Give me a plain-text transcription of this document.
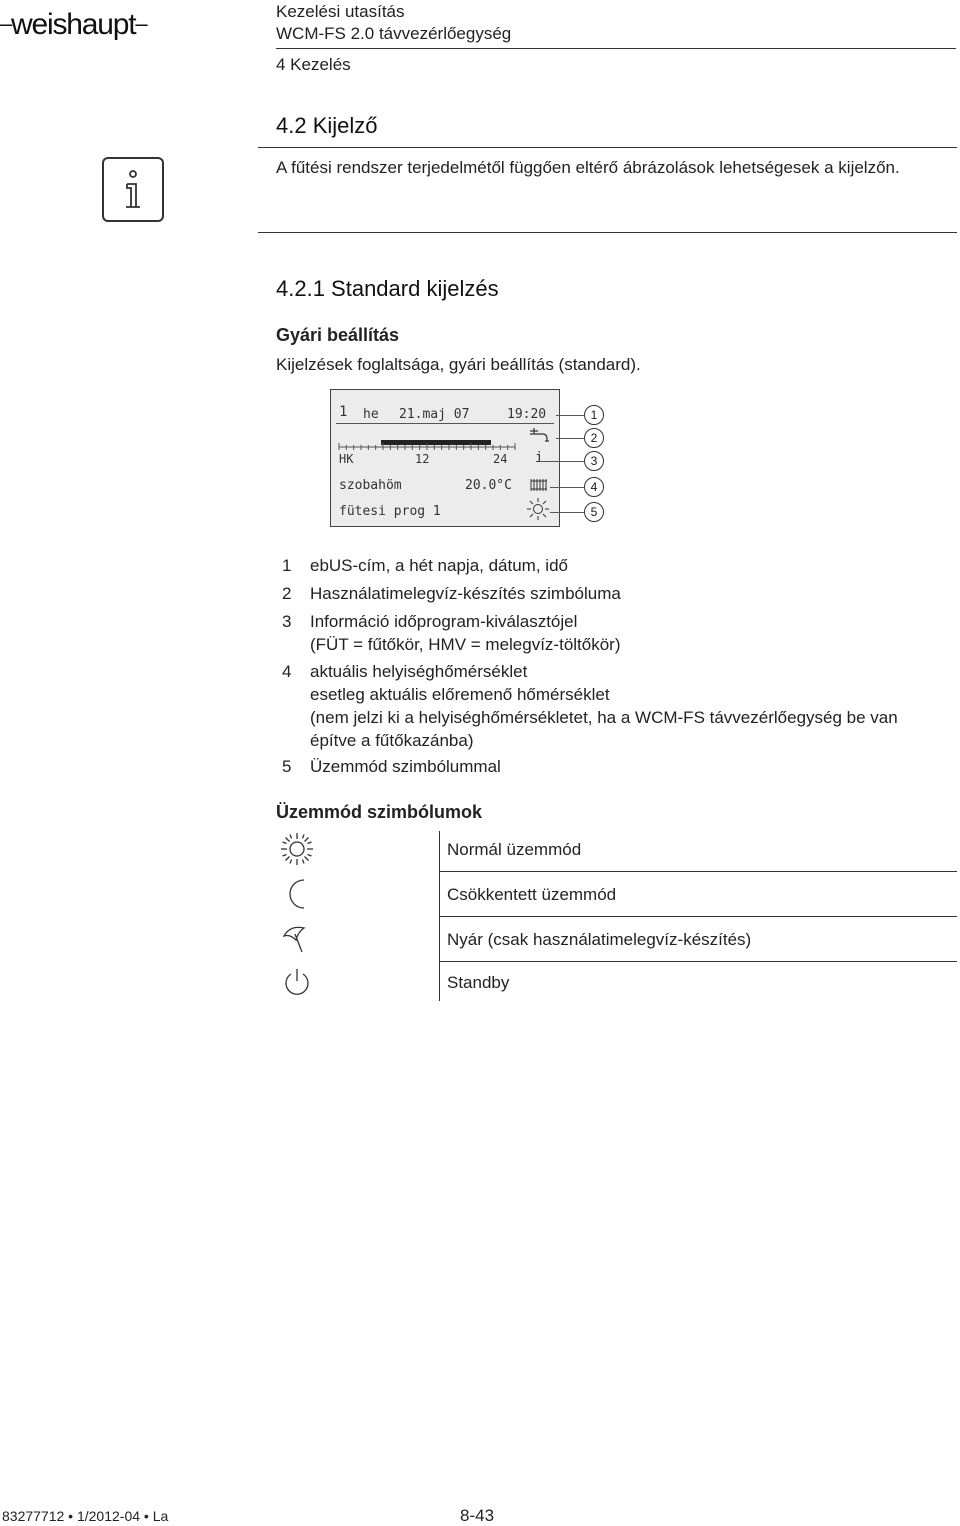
–weishaupt–	Kezelési utasítás
WCM-FS 2.0 távvezérlőegység
4 Kezelés
4.2 Kijelző
A fűtési rendszer terjedelmétől függően eltérő ábrázolások lehetségesek a kijelzőn.
4.2.1 Standard kijelzés
Gyári beállítás
Kijelzések foglaltsága, gyári beállítás (standard).
1 he 21.maj 07	19:20
HK	12	24 i
szobahöm	20.0°C
fütesi prog 1
1
2
3
4
5
1 ebUS-cím, a hét napja, dátum, idő
2 Használatimelegvíz-készítés szimbóluma
3 Információ időprogram-kiválasztójel
(FÜT = fűtőkör, HMV = melegvíz-töltőkör)
4 aktuális helyiséghőmérséklet
esetleg aktuális előremenő hőmérséklet
(nem jelzi ki a helyiséghőmérsékletet, ha a WCM-FS távvezérlőegység be van
építve a fűtőkazánba)
5 Üzemmód szimbólummal
Üzemmód szimbólumok
Normál üzemmód
Csökkentett üzemmód
Nyár (csak használatimelegvíz-készítés)
Standby
83277712 • 1/2012-04 • La	8-43
